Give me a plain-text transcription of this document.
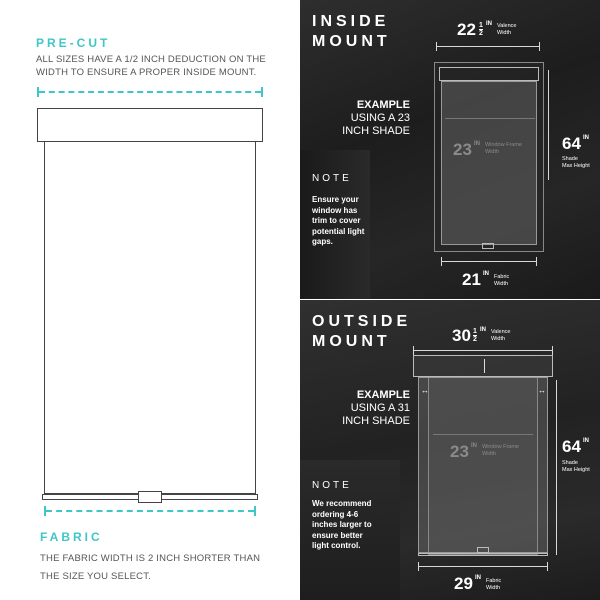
PRE-CUT
ALL SIZES HAVE A 1/2 INCH DEDUCTION ON THE WIDTH TO ENSURE A PROPER INSIDE MOUNT.
FABRIC
THE FABRIC WIDTH IS 2 INCH SHORTER THAN THE SIZE YOU SELECT.
INSIDE
MOUNT
$22 \frac{1}{2}$ IN Valence
Width
EXAMPLE
USING A 23
INCH SHADE
23 IN Window Frame
Width	64 IN
Shade
Max Height
NOTE
Ensure your window has trim to cover potential light gaps.
21 IN Fabric
Width
OUTSIDE
MOUNT	$30 \frac{1}{2}$ IN Valence
Width
↔	↔
EXAMPLE
USING A 31
INCH SHADE
23 IN Window Frame
Width	64 IN
Shade
Max Height
NOTE
We recommend ordering 4-6 inches larger to ensure better light control.
29 IN Fabric
Width
